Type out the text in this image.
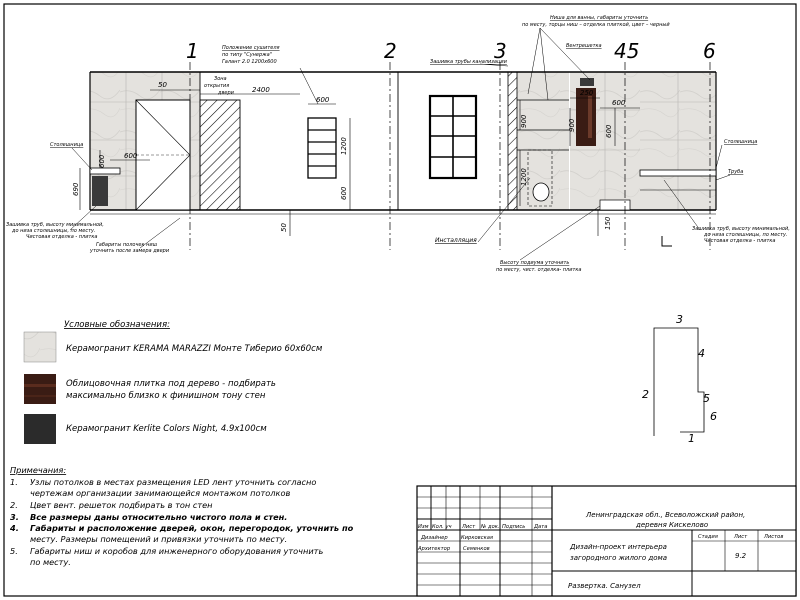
1	2	3	45	6
50
2400
600
1200
600
600
600
690
50
900
1200
250
600
900	600
150
Положение сушителя
по типу "Сунержа"
Галант 2.0 1200x600
Зона
открытия
двери
Ниша для ванны, габариты уточнить
по месту, торцы ниш – отделка плиткой, цвет – черный
Зашивка трубы канализации
Вентрешетка
Столешница	Столешница
Труба
Зашивка труб, высоту минимальной,
до низа столешницы, по месту.
Чистовая отделка - плитка
Габариты полочек ниш
уточнить после замера двери
Инсталляция
Высоту подиума уточнить
по месту, чист. отделка- плитка
Зашивка труб, высоту минимальной,
до низа столешницы, по месту.
Чистовая отделка - плитка
Условные обозначения:
Керамогранит KERAMA MARAZZI Монте Тиберио 60x60см
Облицовочная плитка под дерево - подбирать
максимально близко к финишном тону стен
Керамогранит Kerlite Colors Night, 4.9x100см
3
4
2	5
6
1
Примечания:
1. Узлы потолков в местах размещения LED лент уточнить согласно
чертежам организации занимающейся монтажом потолков
2. Цвет вент. решеток подбирать в тон стен
3. Все размеры даны относительно чистого пола и стен.
4. Габариты и расположение дверей, окон, перегородок, уточнить по
месту. Размеры помещений и привязки уточнить по месту.
5. Габариты ниш и коробов для инженерного оборудования уточнить
по месту.
Изм Кол. уч Лист № док. Подпись Дата
Дизайнер	Кирковская
Архитектор Семенков
Ленинградская обл., Всеволожский район,
деревня Кискелово
Дизайн-проект интерьера
загородного жилого дома
Стадия	Лист	Листов
9.2
Развертка. Санузел
